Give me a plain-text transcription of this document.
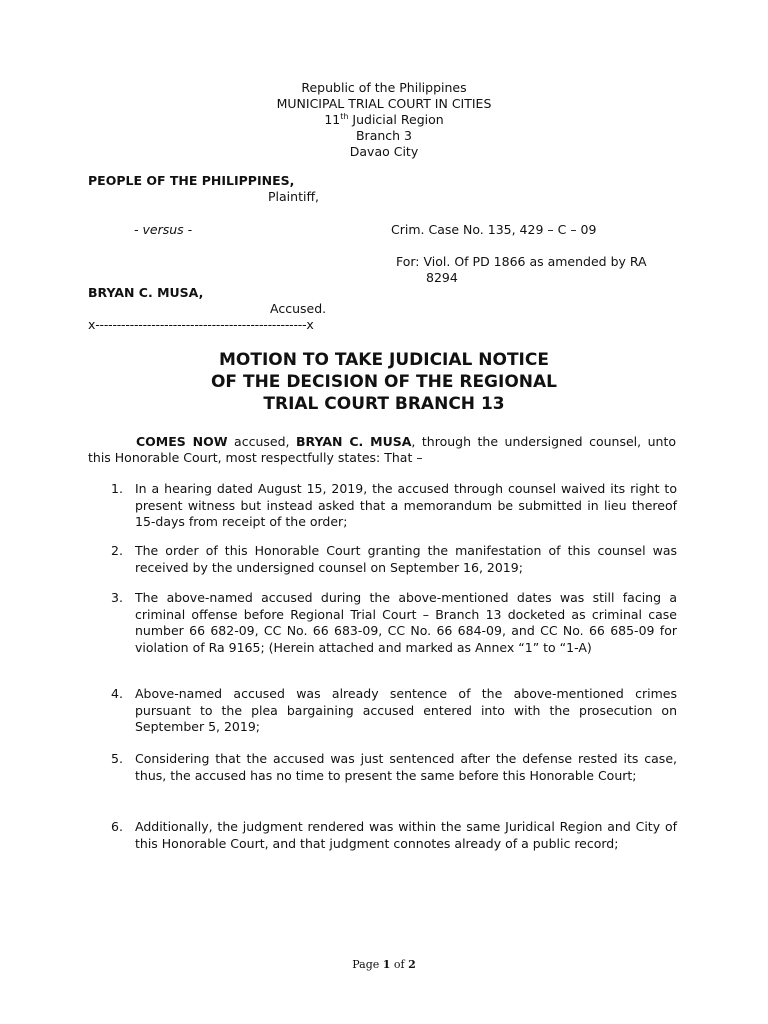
Republic of the Philippines
MUNICIPAL TRIAL COURT IN CITIES
11th Judicial Region
Branch 3
Davao City
PEOPLE OF THE PHILIPPINES,
Plaintiff,
- versus -	Crim. Case No. 135, 429 – C – 09
For: Viol. Of PD 1866 as amended by RA
8294
BRYAN C. MUSA,
Accused.
x-------------------------------------------------x
MOTION TO TAKE JUDICIAL NOTICE
OF THE DECISION OF THE REGIONAL
TRIAL COURT BRANCH 13
COMES NOW accused, BRYAN C. MUSA, through the undersigned counsel, unto this Honorable Court, most respectfully states: That –
1. In a hearing dated August 15, 2019, the accused through counsel waived its right to present witness but instead asked that a memorandum be submitted in lieu thereof 15-days from receipt of the order;
2. The order of this Honorable Court granting the manifestation of this counsel was received by the undersigned counsel on September 16, 2019;
3. The above-named accused during the above-mentioned dates was still facing a criminal offense before Regional Trial Court – Branch 13 docketed as criminal case number 66 682-09, CC No. 66 683-09, CC No. 66 684-09, and CC No. 66 685-09 for violation of Ra 9165; (Herein attached and marked as Annex “1” to “1-A)
4. Above-named accused was already sentence of the above-mentioned crimes pursuant to the plea bargaining accused entered into with the prosecution on September 5, 2019;
5. Considering that the accused was just sentenced after the defense rested its case, thus, the accused has no time to present the same before this Honorable Court;
6. Additionally, the judgment rendered was within the same Juridical Region and City of this Honorable Court, and that judgment connotes already of a public record;
Page 1 of 2
